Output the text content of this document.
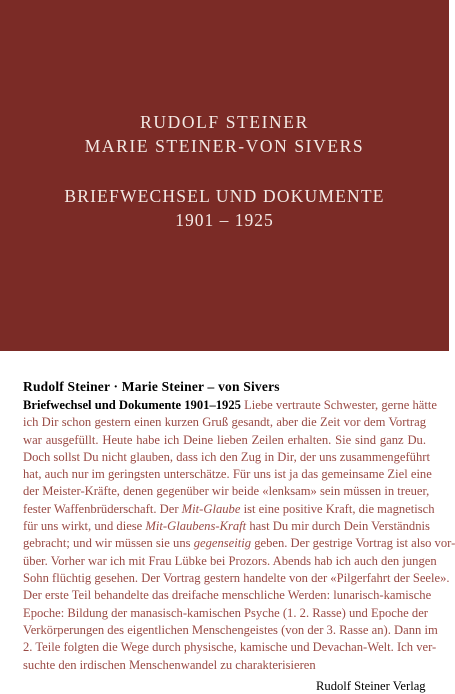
RUDOLF STEINER
MARIE STEINER-VON SIVERS
BRIEFWECHSEL UND DOKUMENTE
1901 – 1925
Rudolf Steiner · Marie Steiner – von Sivers
Briefwechsel und Dokumente 1901–1925 Liebe vertraute Schwester, gerne hätte
ich Dir schon gestern einen kurzen Gruß gesandt, aber die Zeit vor dem Vortrag
war ausgefüllt. Heute habe ich Deine lieben Zeilen erhalten. Sie sind ganz Du.
Doch sollst Du nicht glauben, dass ich den Zug in Dir, der uns zusammengeführt
hat, auch nur im geringsten unterschätze. Für uns ist ja das gemeinsame Ziel eine
der Meister-Kräfte, denen gegenüber wir beide «lenksam» sein müssen in treuer,
fester Waffenbrüderschaft. Der Mit-Glaube ist eine positive Kraft, die magnetisch
für uns wirkt, und diese Mit-Glaubens-Kraft hast Du mir durch Dein Verständnis
gebracht; und wir müssen sie uns gegenseitig geben. Der gestrige Vortrag ist also vor-
über. Vorher war ich mit Frau Lübke bei Prozors. Abends hab ich auch den jungen
Sohn flüchtig gesehen. Der Vortrag gestern handelte von der «Pilgerfahrt der Seele».
Der erste Teil behandelte das dreifache menschliche Werden: lunarisch-kamische
Epoche: Bildung der manasisch-kamischen Psyche (1. 2. Rasse) und Epoche der
Verkörperungen des eigentlichen Menschengeistes (von der 3. Rasse an). Dann im
2. Teile folgten die Wege durch physische, kamische und Devachan-Welt. Ich ver-
suchte den irdischen Menschenwandel zu charakterisieren
Rudolf Steiner Verlag
